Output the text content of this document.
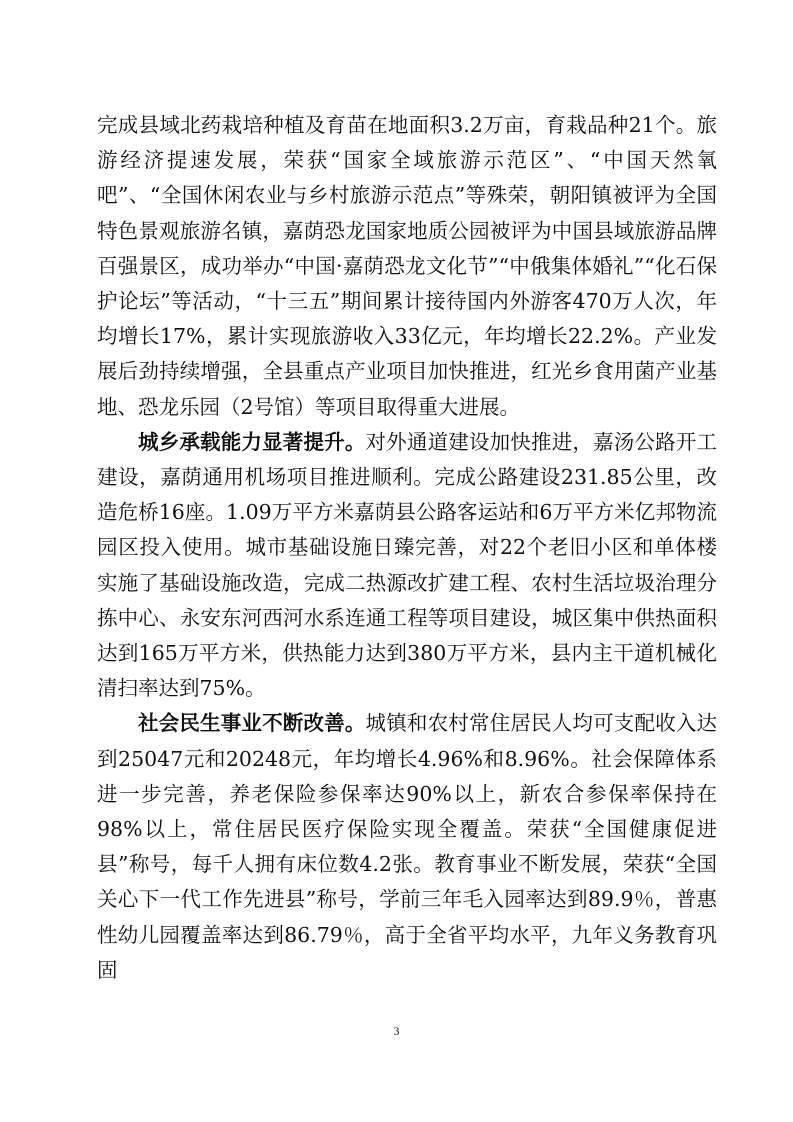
完成县域北药栽培种植及育苗在地面积3.2万亩，育栽品种21个。旅游经济提速发展，荣获“国家全域旅游示范区”、“中国天然氧吧”、“全国休闲农业与乡村旅游示范点”等殊荣，朝阳镇被评为全国特色景观旅游名镇，嘉荫恐龙国家地质公园被评为中国县域旅游品牌百强景区，成功举办“中国·嘉荫恐龙文化节”“中俄集体婚礼”“化石保护论坛”等活动，“十三五”期间累计接待国内外游客470万人次，年均增长17%，累计实现旅游收入33亿元，年均增长22.2%。产业发展后劲持续增强，全县重点产业项目加快推进，红光乡食用菌产业基地、恐龙乐园（2号馆）等项目取得重大进展。

城乡承载能力显著提升。对外通道建设加快推进，嘉汤公路开工建设，嘉荫通用机场项目推进顺利。完成公路建设231.85公里，改造危桥16座。1.09万平方米嘉荫县公路客运站和6万平方米亿邦物流园区投入使用。城市基础设施日臻完善，对22个老旧小区和单体楼实施了基础设施改造，完成二热源改扩建工程、农村生活垃圾治理分拣中心、永安东河西河水系连通工程等项目建设，城区集中供热面积达到165万平方米，供热能力达到380万平方米，县内主干道机械化清扫率达到75%。

社会民生事业不断改善。城镇和农村常住居民人均可支配收入达到25047元和20248元，年均增长4.96%和8.96%。社会保障体系进一步完善，养老保险参保率达90%以上，新农合参保率保持在98%以上，常住居民医疗保险实现全覆盖。荣获“全国健康促进县”称号，每千人拥有床位数4.2张。教育事业不断发展，荣获“全国关心下一代工作先进县”称号，学前三年毛入园率达到89.9％，普惠性幼儿园覆盖率达到86.79％，高于全省平均水平，九年义务教育巩固

3
